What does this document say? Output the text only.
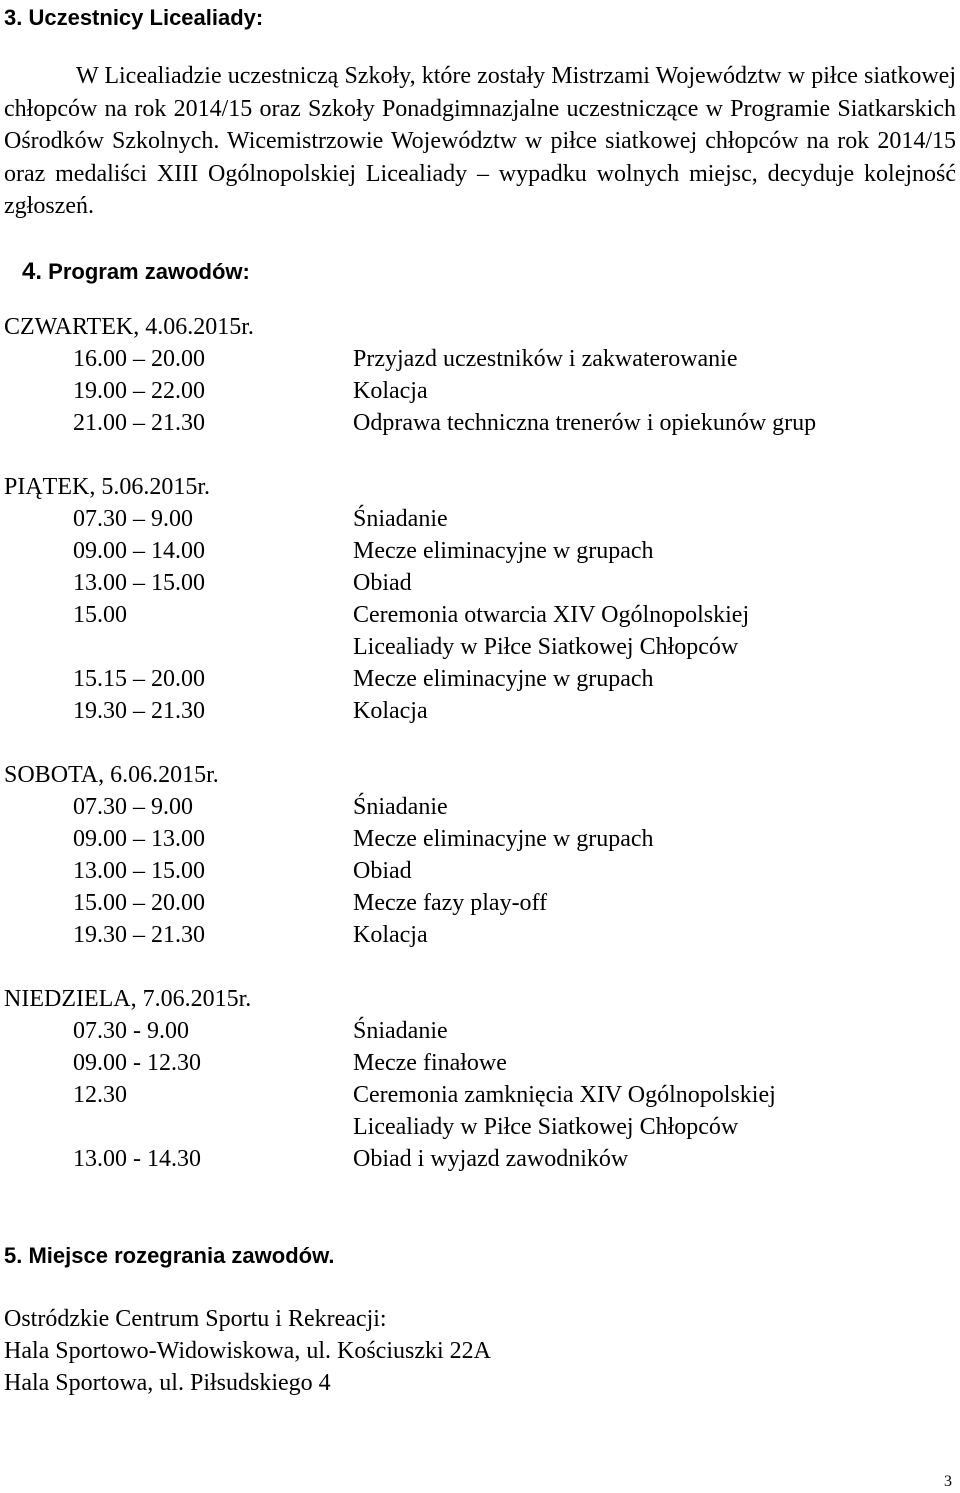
3. Uczestnicy Licealiady:
W Licealiadzie uczestniczą Szkoły, które zostały Mistrzami Województw w piłce siatkowej chłopców na rok 2014/15 oraz Szkoły Ponadgimnazjalne uczestniczące w Programie Siatkarskich Ośrodków Szkolnych. Wicemistrzowie Województw w piłce siatkowej chłopców na rok 2014/15 oraz medaliści XIII Ogólnopolskiej Licealiady – wypadku wolnych miejsc, decyduje kolejność zgłoszeń.
4. Program zawodów:
CZWARTEK, 4.06.2015r.
16.00 – 20.00	Przyjazd uczestników i zakwaterowanie
19.00 – 22.00	Kolacja
21.00 – 21.30	Odprawa techniczna trenerów i opiekunów grup
PIĄTEK, 5.06.2015r.
07.30 – 9.00	Śniadanie
09.00 – 14.00	Mecze eliminacyjne w grupach
13.00 – 15.00	Obiad
15.00	Ceremonia otwarcia XIV Ogólnopolskiej
Licealiady w Piłce Siatkowej Chłopców
15.15 – 20.00	Mecze eliminacyjne w grupach
19.30 – 21.30	Kolacja
SOBOTA, 6.06.2015r.
07.30 – 9.00	Śniadanie
09.00 – 13.00	Mecze eliminacyjne w grupach
13.00 – 15.00	Obiad
15.00 – 20.00	Mecze fazy play-off
19.30 – 21.30	Kolacja
NIEDZIELA, 7.06.2015r.
07.30 - 9.00	Śniadanie
09.00 - 12.30	Mecze finałowe
12.30	Ceremonia zamknięcia XIV Ogólnopolskiej
Licealiady w Piłce Siatkowej Chłopców
13.00 - 14.30	Obiad i wyjazd zawodników
5. Miejsce rozegrania zawodów.
Ostródzkie Centrum Sportu i Rekreacji:
Hala Sportowo-Widowiskowa, ul. Kościuszki 22A
Hala Sportowa, ul. Piłsudskiego 4
3
